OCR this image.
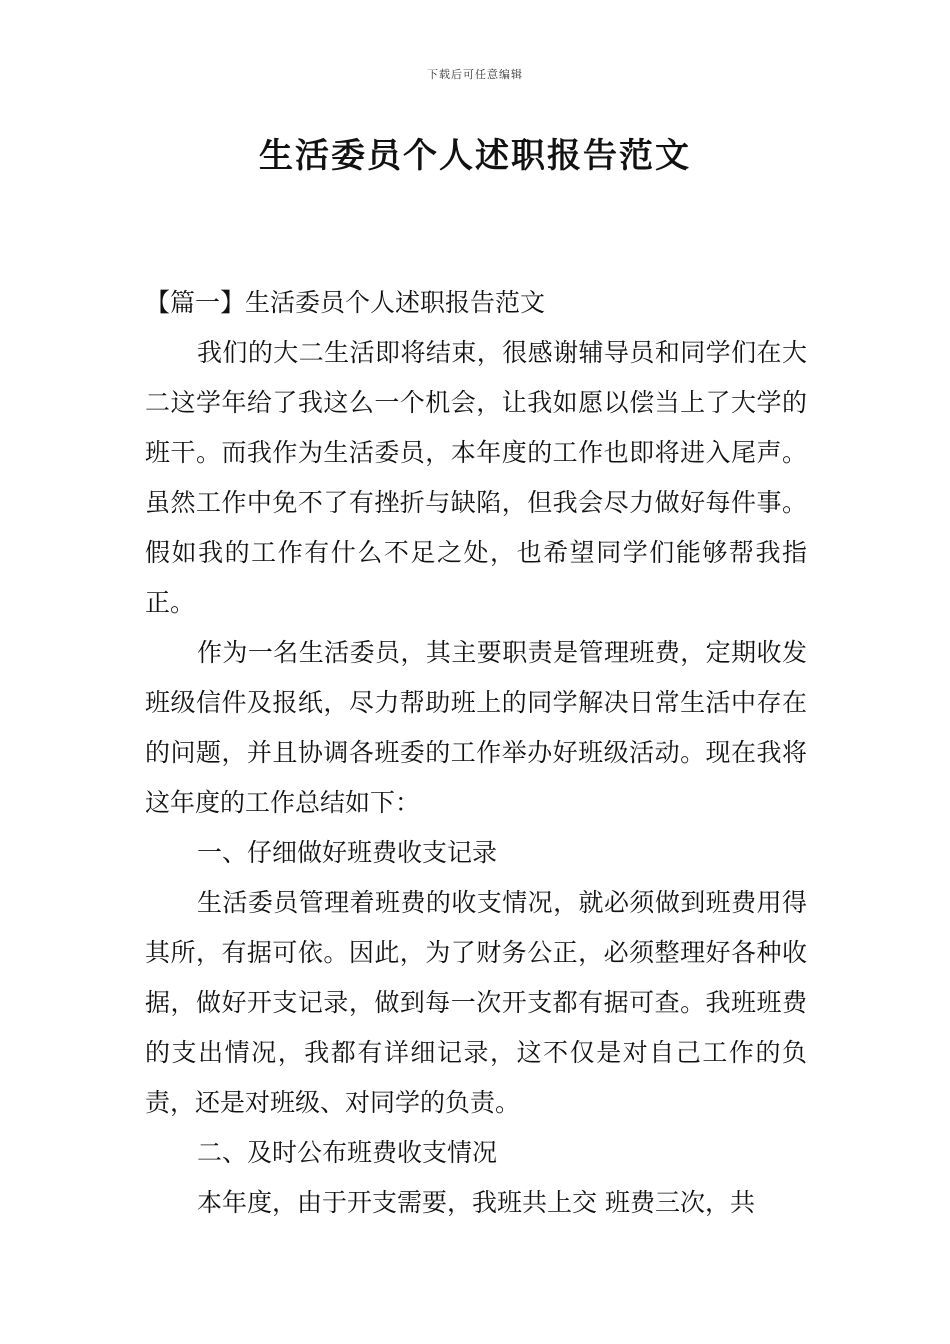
下载后可任意编辑
生活委员个人述职报告范文

【篇一】生活委员个人述职报告范文

我们的大二生活即将结束，很感谢辅导员和同学们在大二这学年给了我这么一个机会，让我如愿以偿当上了大学的班干。而我作为生活委员，本年度的工作也即将进入尾声。虽然工作中免不了有挫折与缺陷，但我会尽力做好每件事。假如我的工作有什么不足之处，也希望同学们能够帮我指正。

作为一名生活委员，其主要职责是管理班费，定期收发班级信件及报纸，尽力帮助班上的同学解决日常生活中存在的问题，并且协调各班委的工作举办好班级活动。现在我将这年度的工作总结如下：

一、仔细做好班费收支记录

生活委员管理着班费的收支情况，就必须做到班费用得其所，有据可依。因此，为了财务公正，必须整理好各种收据，做好开支记录，做到每一次开支都有据可查。我班班费的支出情况，我都有详细记录，这不仅是对自己工作的负责，还是对班级、对同学的负责。

二、及时公布班费收支情况

本年度，由于开支需要，我班共上交 班费三次，共
